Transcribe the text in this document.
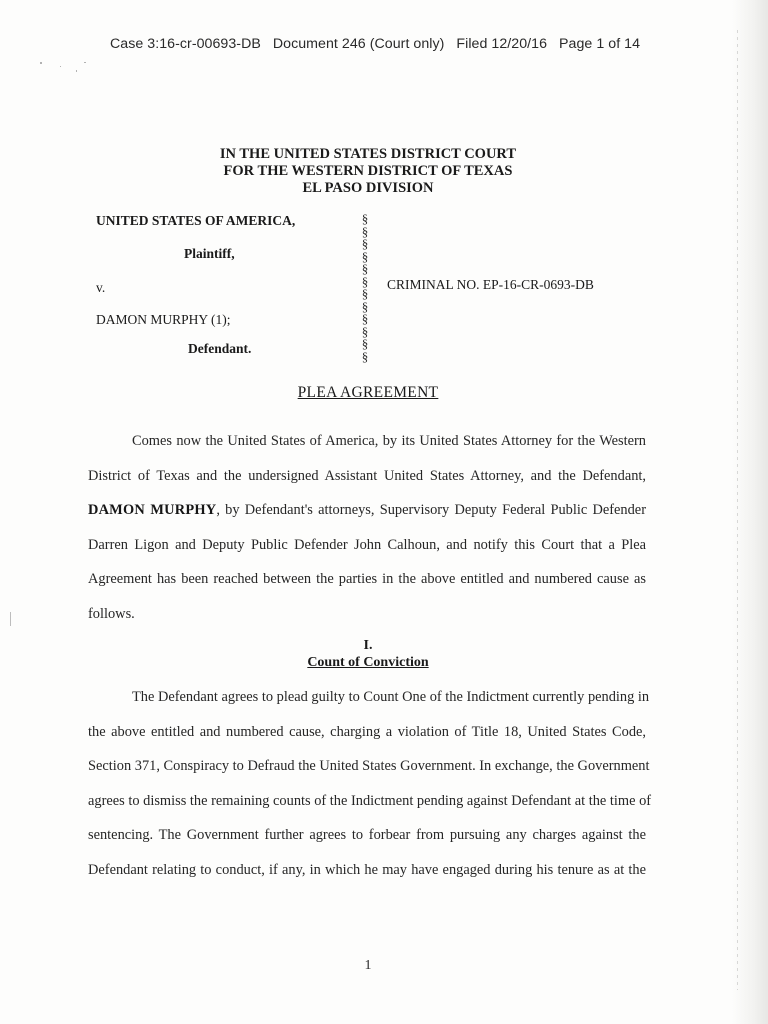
Case 3:16-cr-00693-DB   Document 246 (Court only)   Filed 12/20/16   Page 1 of 14
IN THE UNITED STATES DISTRICT COURT
FOR THE WESTERN DISTRICT OF TEXAS
EL PASO DIVISION
UNITED STATES OF AMERICA,
Plaintiff,
v.
DAMON MURPHY (1);
Defendant.
CRIMINAL NO. EP-16-CR-0693-DB
§
§
§
§
§
§
§
§
§
§
§
§
PLEA AGREEMENT
Comes now the United States of America, by its United States Attorney for the Western
District of Texas and the undersigned Assistant United States Attorney, and the Defendant,
DAMON MURPHY, by Defendant's attorneys, Supervisory Deputy Federal Public Defender
Darren Ligon and Deputy Public Defender John Calhoun, and notify this Court that a Plea
Agreement has been reached between the parties in the above entitled and numbered cause as
follows.
I.
Count of Conviction
The Defendant agrees to plead guilty to Count One of the Indictment currently pending in
the above entitled and numbered cause, charging a violation of Title 18, United States Code,
Section 371, Conspiracy to Defraud the United States Government. In exchange, the Government
agrees to dismiss the remaining counts of the Indictment pending against Defendant at the time of
sentencing. The Government further agrees to forbear from pursuing any charges against the
Defendant relating to conduct, if any, in which he may have engaged during his tenure as at the
1
